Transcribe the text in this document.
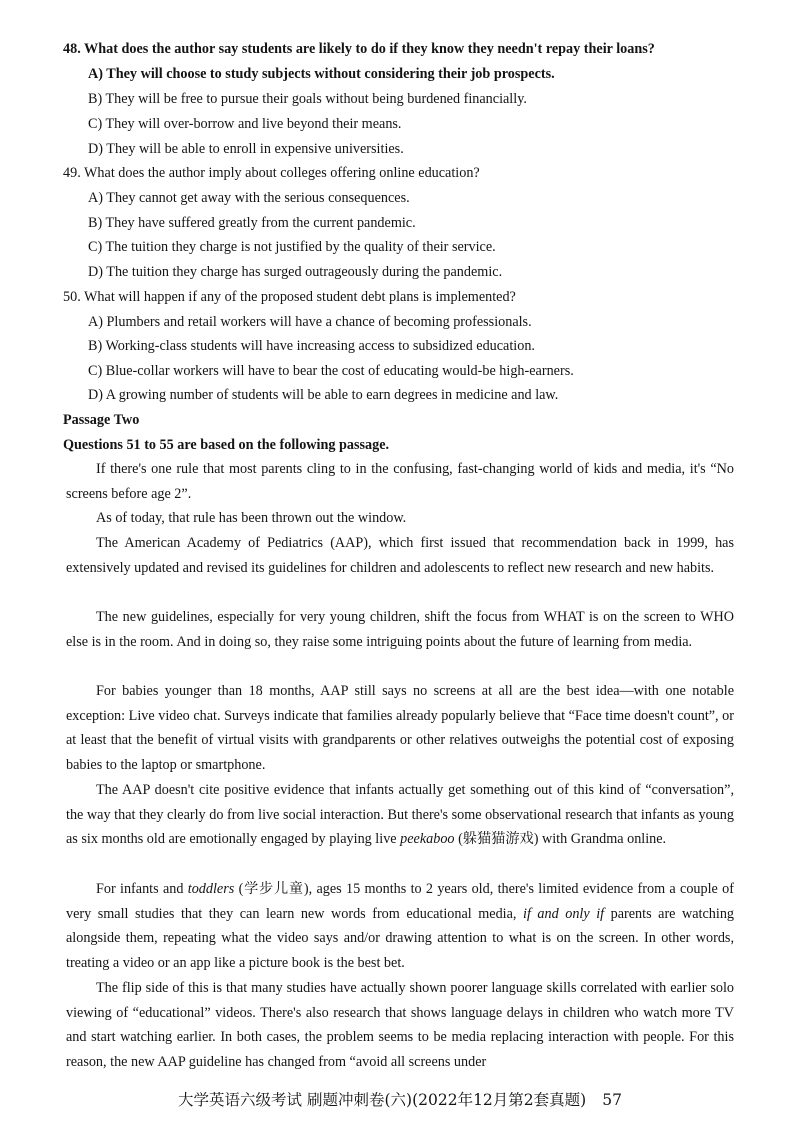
48. What does the author say students are likely to do if they know they needn't repay their loans?
A) They will choose to study subjects without considering their job prospects.
B) They will be free to pursue their goals without being burdened financially.
C) They will over-borrow and live beyond their means.
D) They will be able to enroll in expensive universities.
49. What does the author imply about colleges offering online education?
A) They cannot get away with the serious consequences.
B) They have suffered greatly from the current pandemic.
C) The tuition they charge is not justified by the quality of their service.
D) The tuition they charge has surged outrageously during the pandemic.
50. What will happen if any of the proposed student debt plans is implemented?
A) Plumbers and retail workers will have a chance of becoming professionals.
B) Working-class students will have increasing access to subsidized education.
C) Blue-collar workers will have to bear the cost of educating would-be high-earners.
D) A growing number of students will be able to earn degrees in medicine and law.
Passage Two
Questions 51 to 55 are based on the following passage.

If there's one rule that most parents cling to in the confusing, fast-changing world of kids and media, it's “No screens before age 2”.

As of today, that rule has been thrown out the window.

The American Academy of Pediatrics (AAP), which first issued that recommendation back in 1999, has extensively updated and revised its guidelines for children and adolescents to reflect new research and new habits.

The new guidelines, especially for very young children, shift the focus from WHAT is on the screen to WHO else is in the room. And in doing so, they raise some intriguing points about the future of learning from media.

For babies younger than 18 months, AAP still says no screens at all are the best idea—with one notable exception: Live video chat. Surveys indicate that families already popularly believe that “Face time doesn't count”, or at least that the benefit of virtual visits with grandparents or other relatives outweighs the potential cost of exposing babies to the laptop or smartphone.

The AAP doesn't cite positive evidence that infants actually get something out of this kind of “conversation”, the way that they clearly do from live social interaction. But there's some observational research that infants as young as six months old are emotionally engaged by playing live peekaboo (躲猫猫游戏) with Grandma online.

For infants and toddlers (学步儿童), ages 15 months to 2 years old, there's limited evidence from a couple of very small studies that they can learn new words from educational media, if and only if parents are watching alongside them, repeating what the video says and/or drawing attention to what is on the screen. In other words, treating a video or an app like a picture book is the best bet.

The flip side of this is that many studies have actually shown poorer language skills correlated with earlier solo viewing of “educational” videos. There's also research that shows language delays in children who watch more TV and start watching earlier. In both cases, the problem seems to be media replacing interaction with people. For this reason, the new AAP guideline has changed from “avoid all screens under

大学英语六级考试 刷题冲刺卷(六)(2022年12月第2套真题) 57
